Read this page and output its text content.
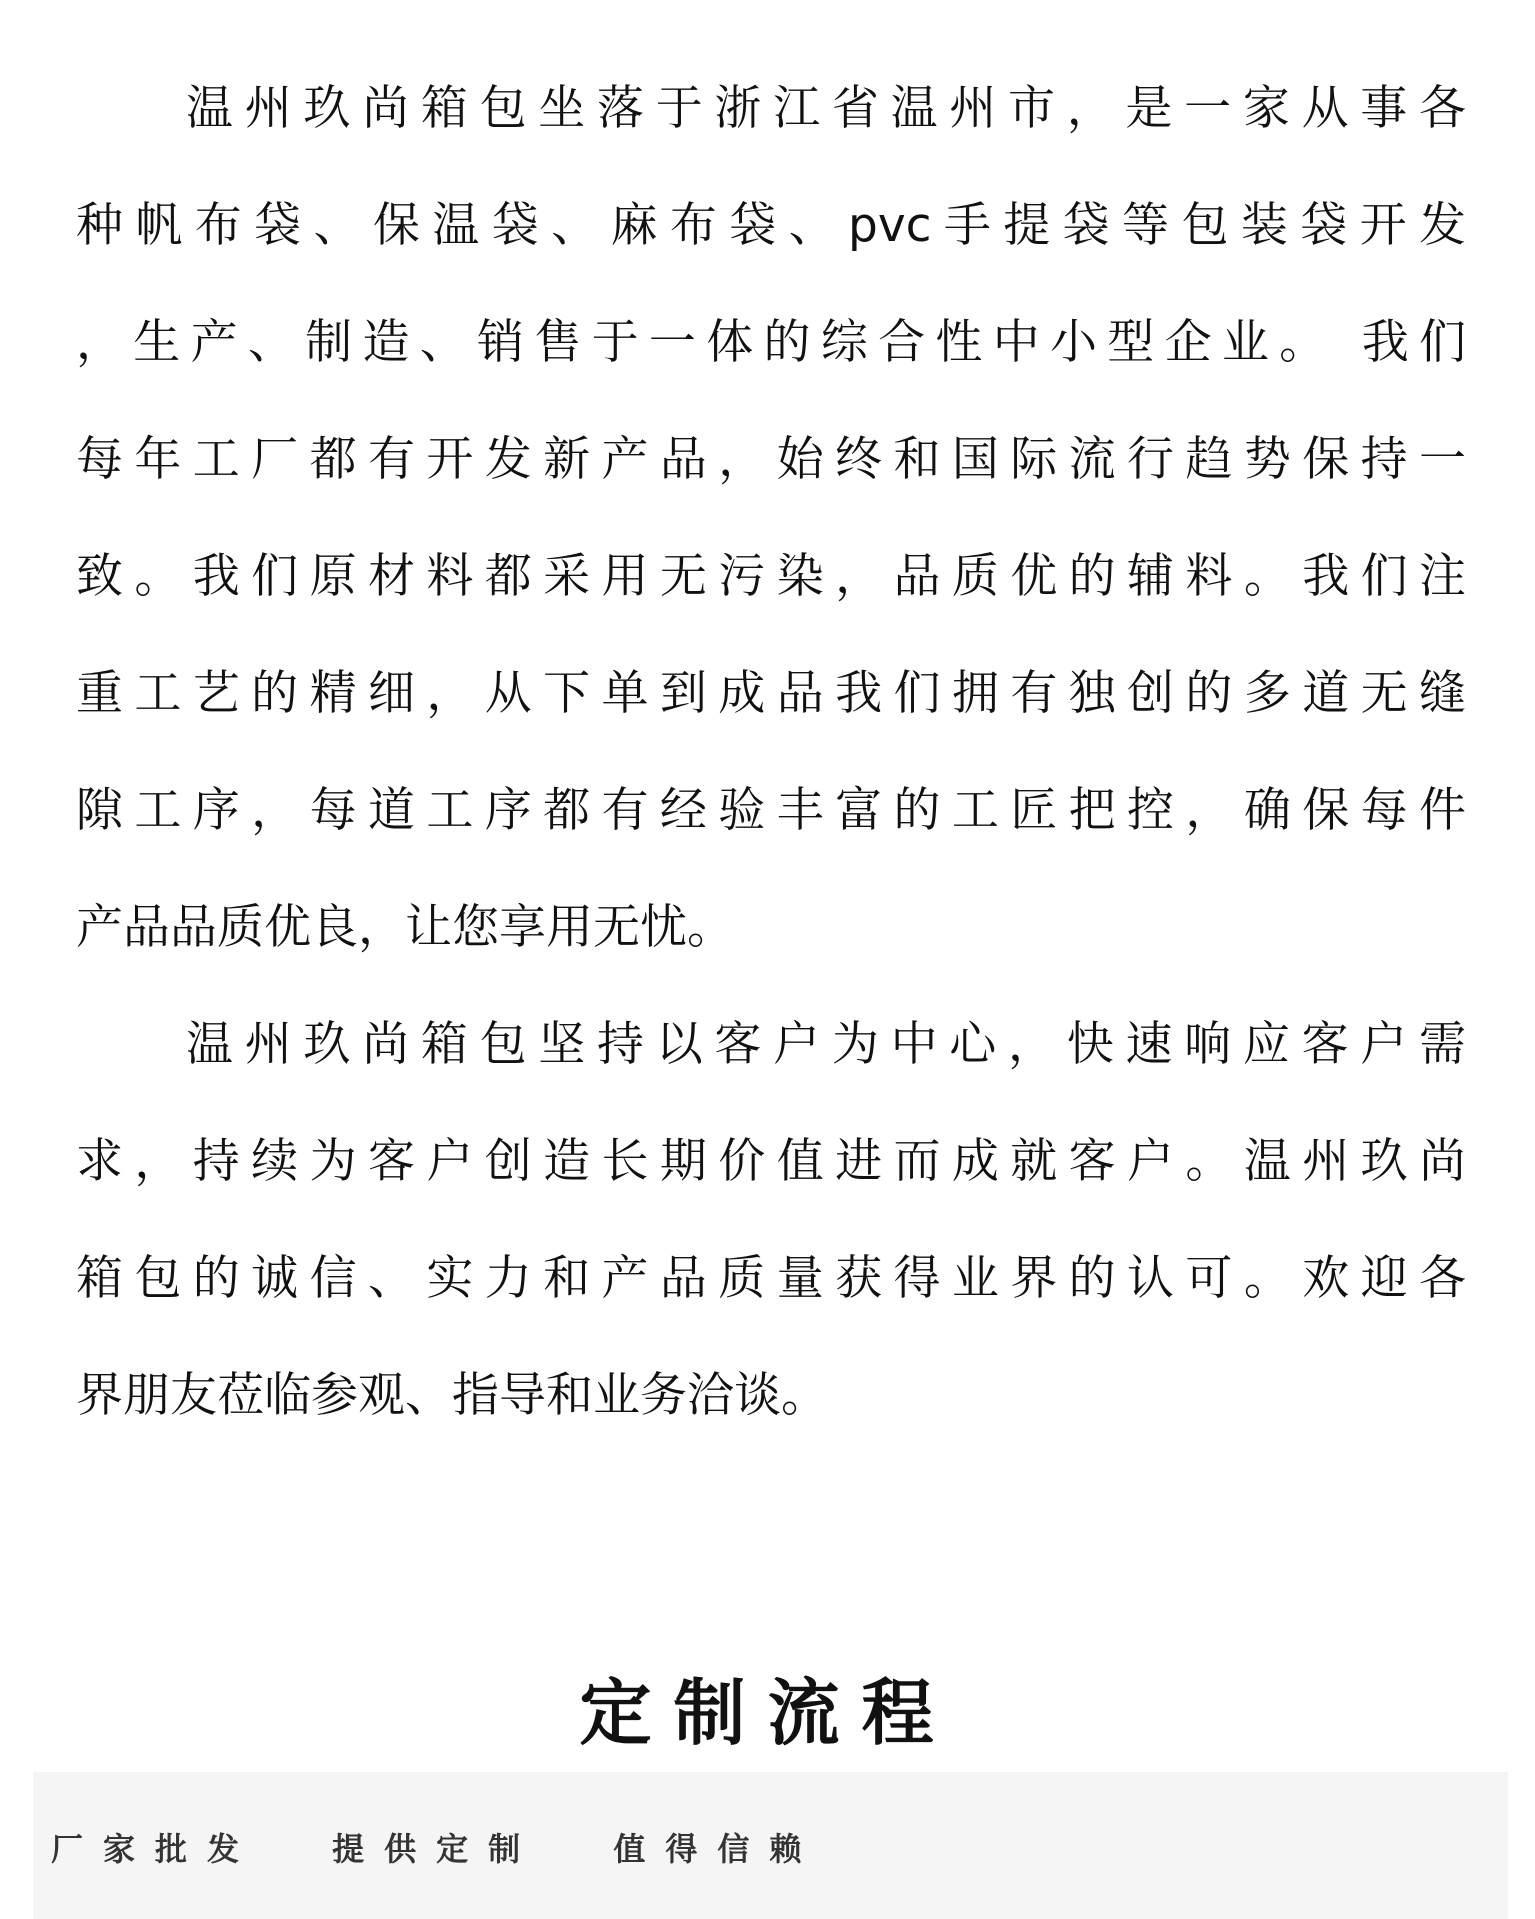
温州玖尚箱包坐落于浙江省温州市，是一家从事各
种帆布袋、保温袋、麻布袋、pvc手提袋等包装袋开发
，生产、制造、销售于一体的综合性中小型企业。 我们
每年工厂都有开发新产品，始终和国际流行趋势保持一
致。我们原材料都采用无污染，品质优的辅料。我们注
重工艺的精细，从下单到成品我们拥有独创的多道无缝
隙工序，每道工序都有经验丰富的工匠把控，确保每件
产品品质优良，让您享用无忧。
温州玖尚箱包坚持以客户为中心，快速响应客户需
求，持续为客户创造长期价值进而成就客户。温州玖尚
箱包的诚信、实力和产品质量获得业界的认可。欢迎各
界朋友莅临参观、指导和业务洽谈。
定制流程
厂家批发 提供定制 值得信赖
